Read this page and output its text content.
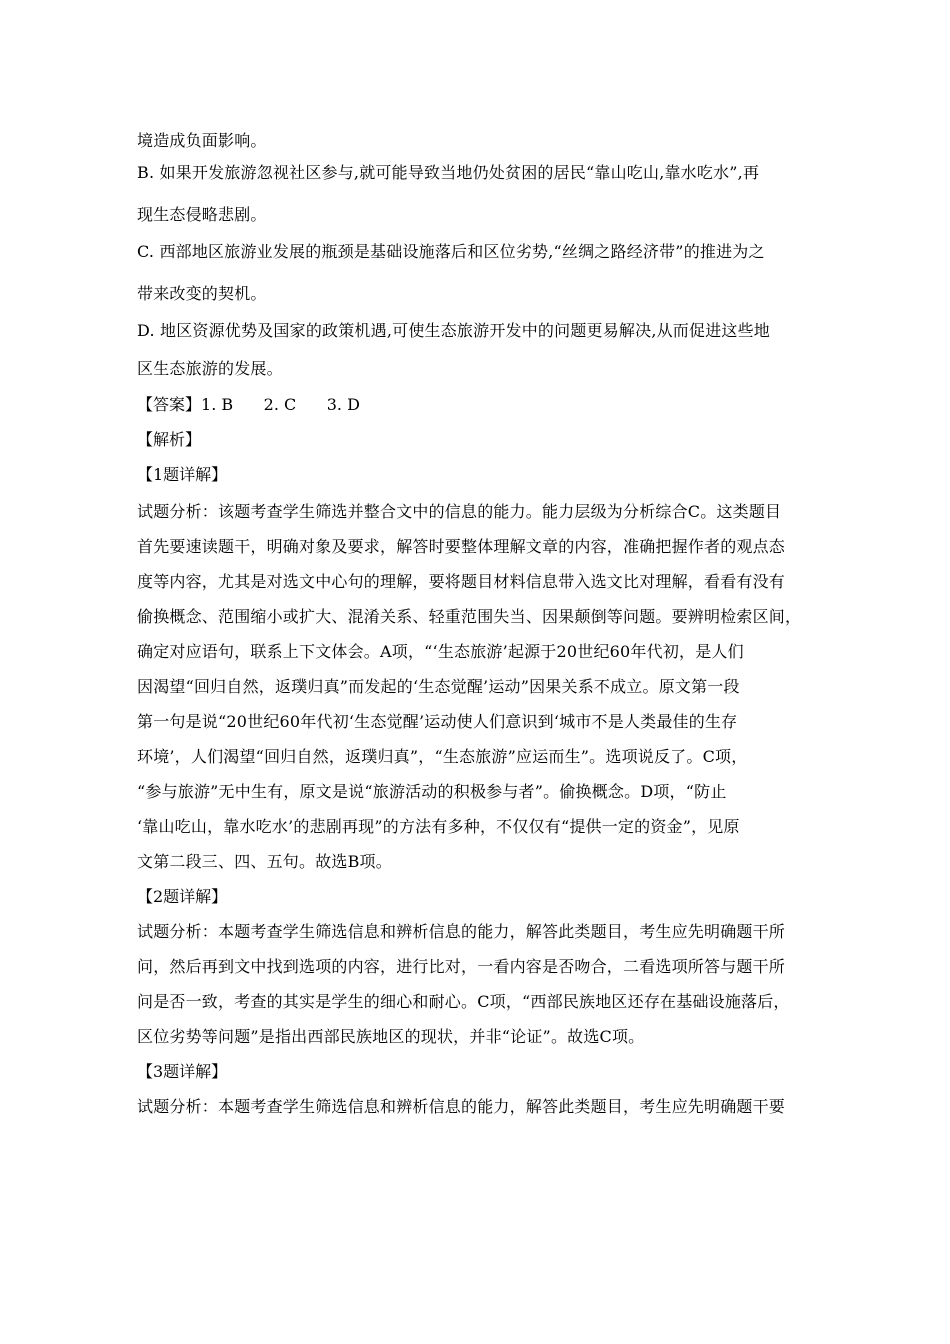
境造成负面影响。
B. 如果开发旅游忽视社区参与,就可能导致当地仍处贫困的居民“靠山吃山,靠水吃水”,再
现生态侵略悲剧。
C. 西部地区旅游业发展的瓶颈是基础设施落后和区位劣势,“丝绸之路经济带”的推进为之
带来改变的契机。
D. 地区资源优势及国家的政策机遇,可使生态旅游开发中的问题更易解决,从而促进这些地
区生态旅游的发展。
【答案】1. B      2. C      3. D
【解析】
【1题详解】
试题分析：该题考查学生筛选并整合文中的信息的能力。能力层级为分析综合C。这类题目
首先要速读题干，明确对象及要求，解答时要整体理解文章的内容，准确把握作者的观点态
度等内容，尤其是对选文中心句的理解，要将题目材料信息带入选文比对理解，看看有没有
偷换概念、范围缩小或扩大、混淆关系、轻重范围失当、因果颠倒等问题。要辨明检索区间，
确定对应语句，联系上下文体会。A项，“‘生态旅游’起源于20世纪60年代初，是人们
因渴望“回归自然，返璞归真”而发起的‘生态觉醒’运动”因果关系不成立。原文第一段
第一句是说“20世纪60年代初‘生态觉醒’运动使人们意识到‘城市不是人类最佳的生存
环境’，人们渴望“回归自然，返璞归真”，“生态旅游”应运而生”。选项说反了。C项，
“参与旅游”无中生有，原文是说“旅游活动的积极参与者”。偷换概念。D项，“防止
‘靠山吃山，靠水吃水’的悲剧再现”的方法有多种，不仅仅有“提供一定的资金”，见原
文第二段三、四、五句。故选B项。
【2题详解】
试题分析：本题考查学生筛选信息和辨析信息的能力，解答此类题目，考生应先明确题干所
问，然后再到文中找到选项的内容，进行比对，一看内容是否吻合，二看选项所答与题干所
问是否一致，考查的其实是学生的细心和耐心。C项，“西部民族地区还存在基础设施落后，
区位劣势等问题”是指出西部民族地区的现状，并非“论证”。故选C项。
【3题详解】
试题分析：本题考查学生筛选信息和辨析信息的能力，解答此类题目，考生应先明确题干要
